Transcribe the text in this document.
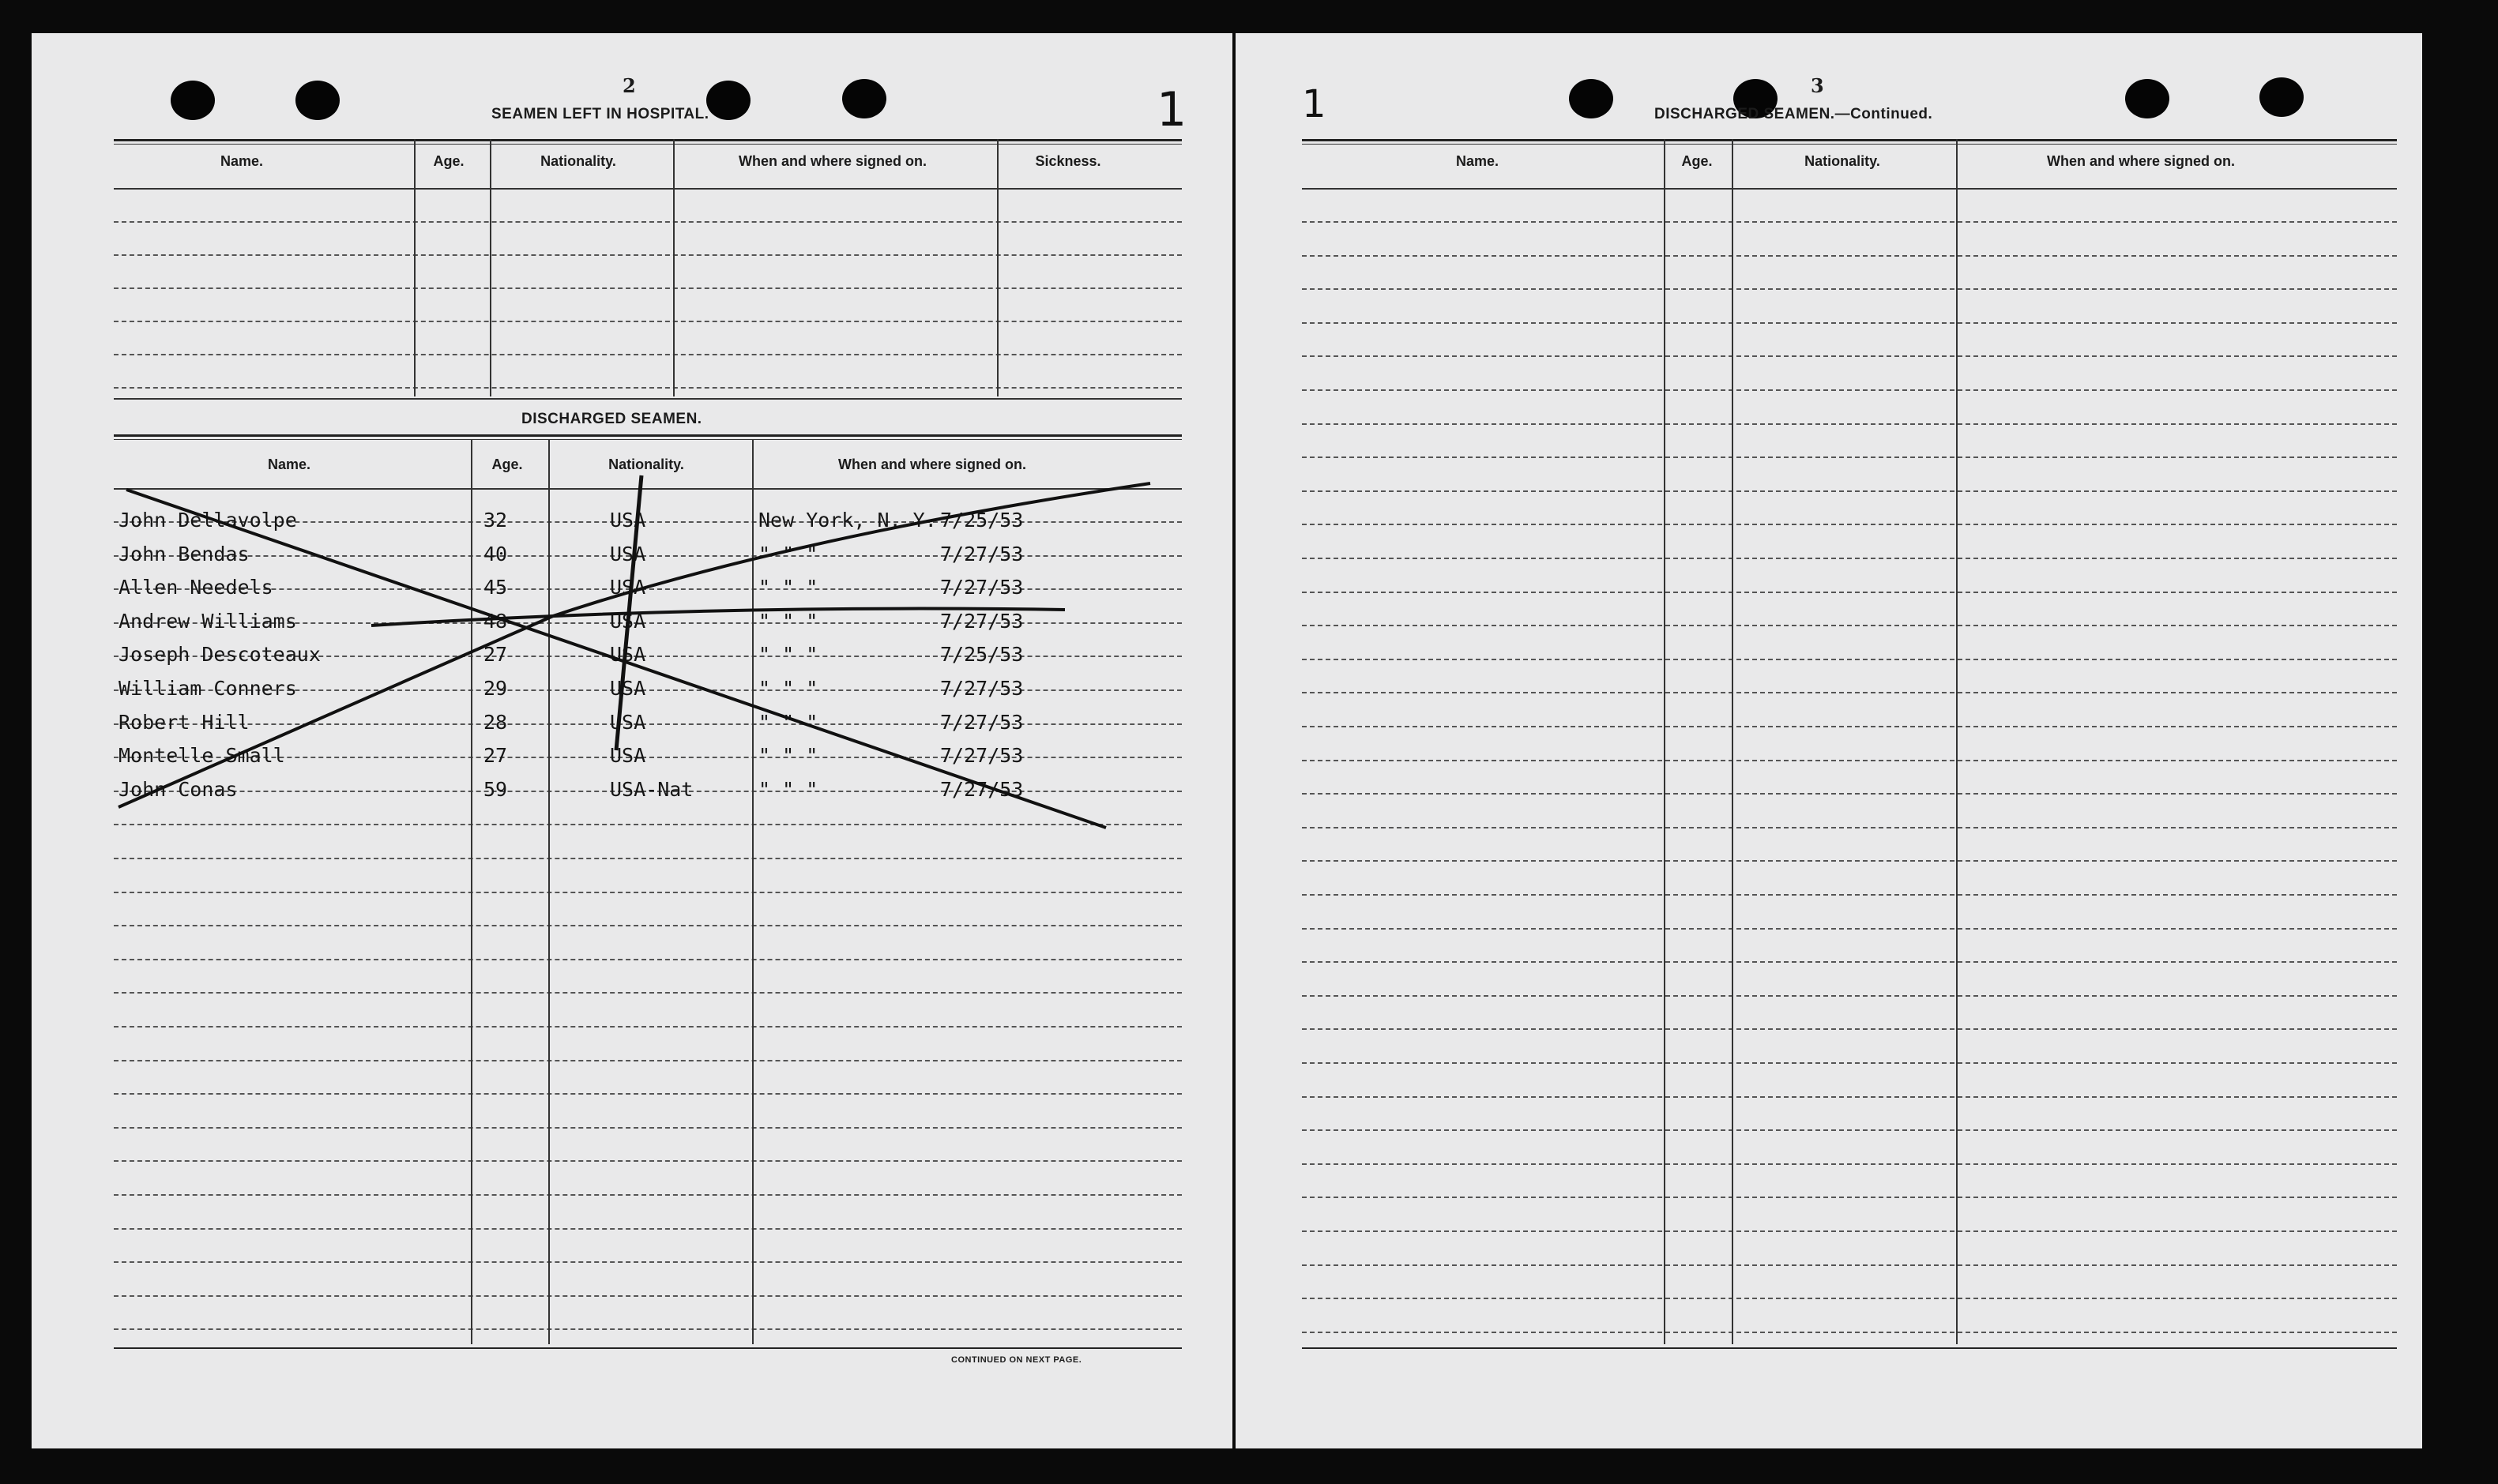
2
SEAMEN LEFT IN HOSPITAL.	1
Name.	Age.	Nationality.	When and where signed on.	Sickness.
DISCHARGED SEAMEN.
Name.	Age.	Nationality.	When and where signed on.
John Dellavolpe	32	USA	New York, N. Y. 7/25/53
John Bendas	40	USA	" " "	7/27/53
Allen Needels	45	USA	" " "	7/27/53
Andrew Williams	48	USA	" " "	7/27/53
Joseph Descoteaux	27	USA	" " "	7/25/53
William Conners	29	USA	" " "	7/27/53
Robert Hill	28	USA	" " "	7/27/53
Montelle Small	27	USA	" " "	7/27/53
John Conas	59	USA-Nat	" " "	7/27/53
CONTINUED ON NEXT PAGE.
3
DISCHARGED SEAMEN.—Continued.
1
Name.	Age.	Nationality.	When and where signed on.
